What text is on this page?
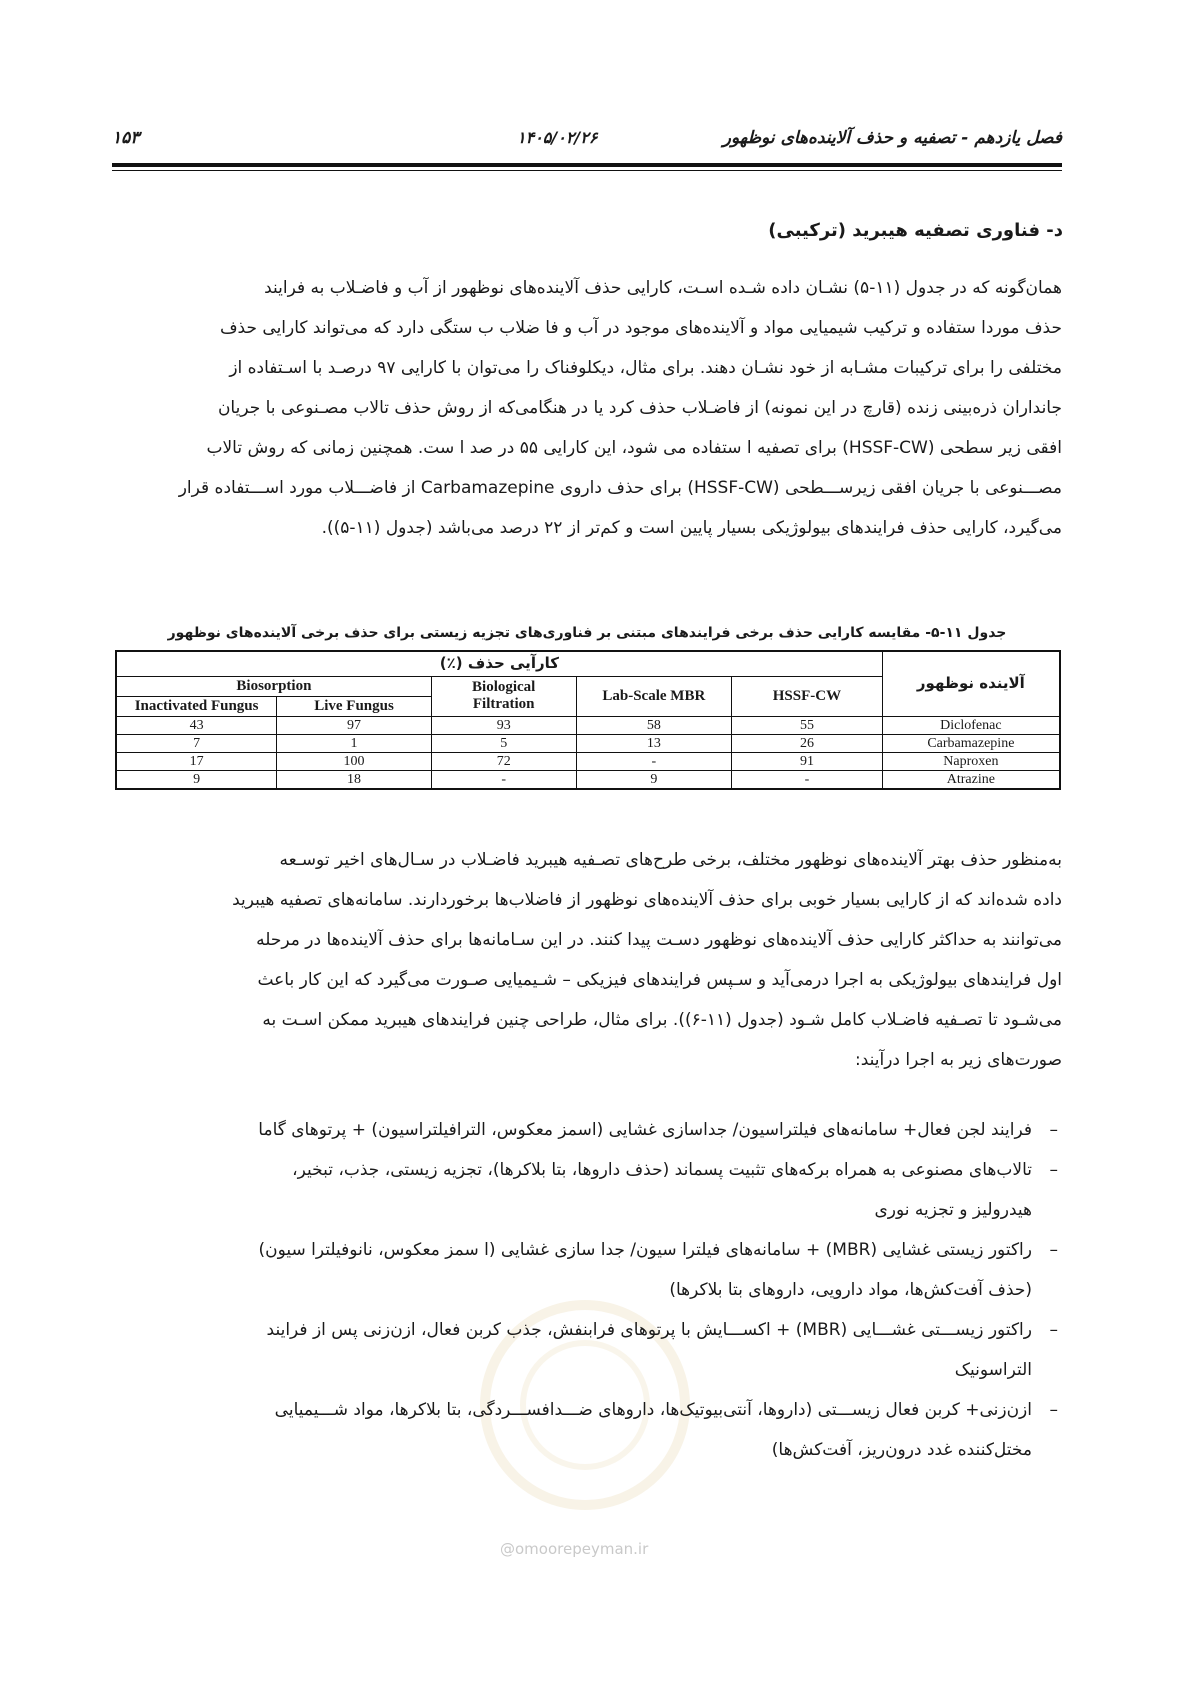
فصل یازدهم - تصفیه و حذف آلاینده‌های نوظهور
۱۴۰۵/۰۲/۲۶
۱۵۳
د- فناوری تصفیه هیبرید (ترکیبی)

همان‌گونه که در جدول (۱۱-۵) نشـان داده شـده اسـت، کارایی حذف آلاینده‌های نوظهور از آب و فاضـلاب به فرایند

حذف موردا ستفاده و ترکیب شیمیایی مواد و آلاینده‌های موجود در آب و فا ضلاب ب ستگی دارد که می‌تواند کارایی حذف

مختلفی را برای ترکیبات مشـابه از خود نشـان دهند. برای مثال، دیکلوفناک را می‌توان با کارایی ۹۷ درصـد با اسـتفاده از

جانداران ذره‌بینی زنده (قارچ در این نمونه) از فاضـلاب حذف کرد یا در هنگامی‌که از روش حذف تالاب مصـنوعی با جریان

افقی زیر سطحی (HSSF-CW) برای تصفیه ا ستفاده می شود، این کارایی ۵۵ در صد ا ست. همچنین زمانی که روش تالاب

مصـــنوعی با جریان افقی زیرســـطحی (HSSF-CW) برای حذف داروی Carbamazepine از فاضـــلاب مورد اســـتفاده قرار

می‌گیرد، کارایی حذف فرایندهای بیولوژیکی بسیار پایین است و کم‌تر از ۲۲ درصد می‌باشد (جدول (۱۱-۵)).

جدول ۱۱-۵- مقایسه کارایی حذف برخی فرایندهای مبتنی بر فناوری‌های تجزیه زیستی برای حذف برخی آلاینده‌های نوظهور
کارآیی حذف (٪)					آلاینده نوظهور
Biosorption		Biological
Filtration	Lab-Scale MBR	HSSF-CW	
Inactivated Fungus	Live Fungus				
43	97	93	58	55	Diclofenac
7	1	5	13	26	Carbamazepine
17	100	72	-	91	Naproxen
9	18	-	9	-	Atrazine

به‌منظور حذف بهتر آلاینده‌های نوظهور مختلف، برخی طرح‌های تصـفیه هیبرید فاضـلاب در سـال‌های اخیر توسـعه

داده شده‌اند که از کارایی بسیار خوبی برای حذف آلاینده‌های نوظهور از فاضلاب‌ها برخوردارند. سامانه‌های تصفیه هیبرید

می‌توانند به حداکثر کارایی حذف آلاینده‌های نوظهور دسـت پیدا کنند. در این سـامانه‌ها برای حذف آلاینده‌ها در مرحله

اول فرایندهای بیولوژیکی به اجرا درمی‌آید و سـپس فرایندهای فیزیکی – شـیمیایی صـورت می‌گیرد که این کار باعث

می‌شـود تا تصـفیه فاضـلاب کامل شـود (جدول (۱۱-۶)). برای مثال، طراحی چنین فرایندهای هیبرید ممکن اسـت به

صورت‌های زیر به اجرا درآیند:

–
فرایند لجن فعال+ سامانه‌های فیلتراسیون/ جداسازی غشایی (اسمز معکوس، الترافیلتراسیون) + پرتوهای گاما
–
تالاب‌های مصنوعی به همراه برکه‌های تثبیت پسماند (حذف داروها، بتا بلاکرها)، تجزیه زیستی، جذب، تبخیر،
هیدرولیز و تجزیه نوری
–
راکتور زیستی غشایی (MBR) + سامانه‌های فیلترا سیون/ جدا سازی غشایی (ا سمز معکوس، نانوفیلترا سیون)
(حذف آفت‌کش‌ها، مواد دارویی، داروهای بتا بلاکرها)
–
راکتور زیســـتی غشـــایی (MBR) + اکســـایش با پرتوهای فرابنفش، جذب کربن فعال، ازن‌زنی پس از فرایند
التراسونیک
–
ازن‌زنی+ کربن فعال زیســـتی (داروها، آنتی‌بیوتیک‌ها، داروهای ضـــدافســـردگی، بتا بلاکرها، مواد شـــیمیایی
مختل‌کننده غدد درون‌ریز، آفت‌کش‌ها)
@omoorepeyman.ir
